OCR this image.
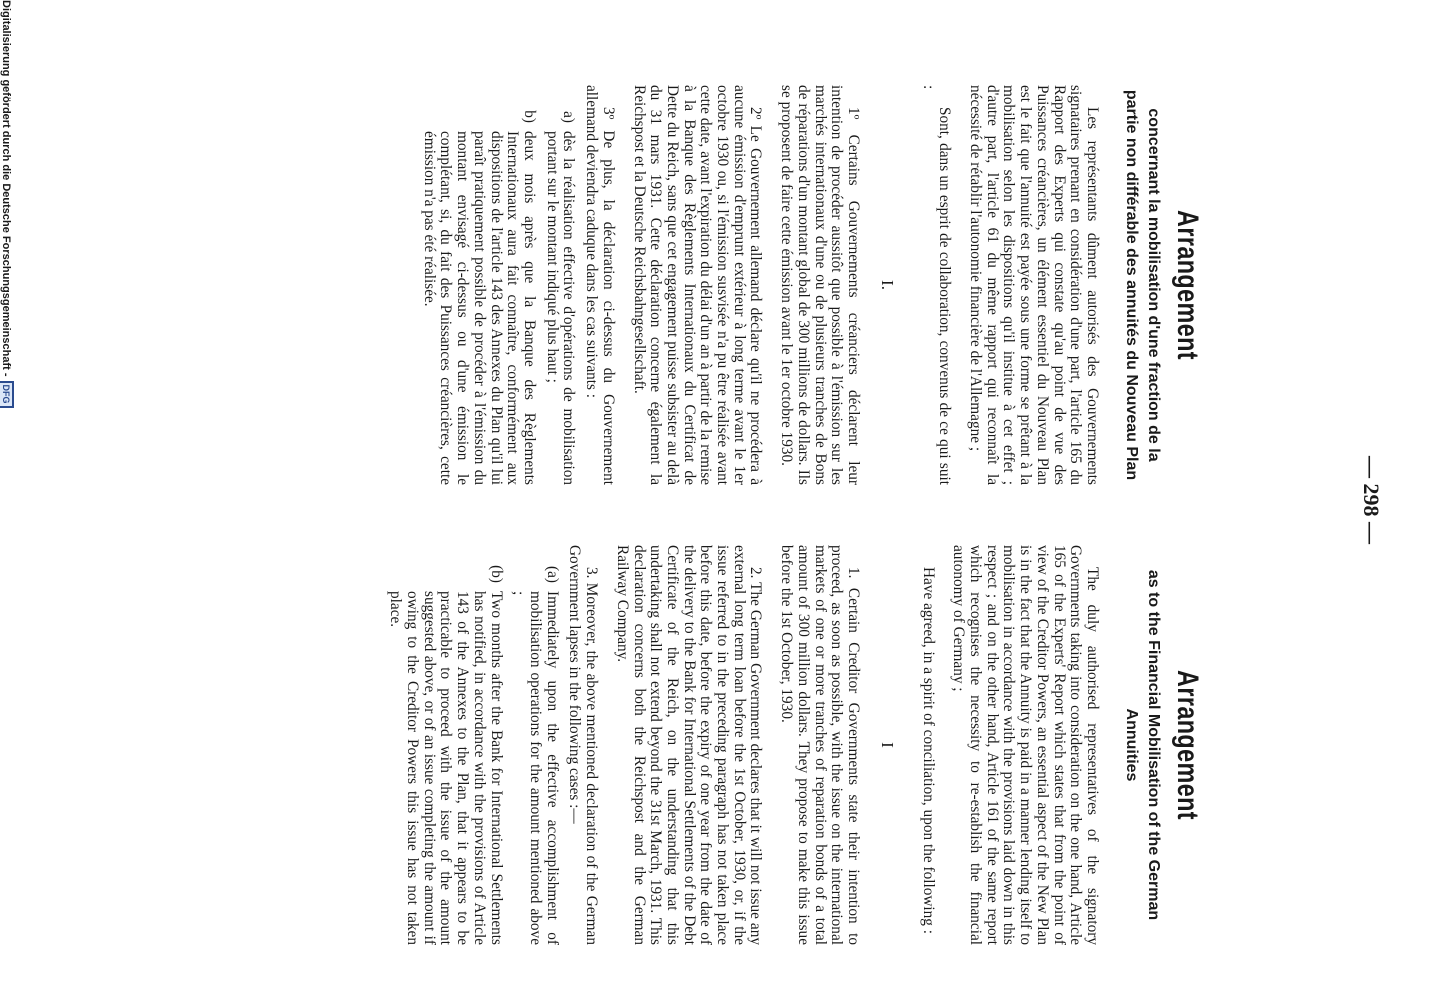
— 298 —
Arrangement
concernant la mobilisation d'une fraction de la partie non différable des annuités du Nouveau Plan

Les représentants dûment autorisés des Gouvernements signataires prenant en considération d'une part, l'article 165 du Rapport des Experts qui constate qu'au point de vue des Puissances créancières, un élément essentiel du Nouveau Plan est le fait que l'annuité est payée sous une forme se prêtant à la mobilisation selon les dispositions qu'il institue à cet effet ; d'autre part, l'article 61 du même rapport qui reconnaît la nécessité de rétablir l'autonomie financière de l'Allemagne ;

Sont, dans un esprit de collaboration, convenus de ce qui suit :

I.

1º Certains Gouvernements créanciers déclarent leur intention de procéder aussitôt que possible à l'émission sur les marchés internationaux d'une ou de plusieurs tranches de Bons de réparations d'un montant global de 300 millions de dollars. Ils se proposent de faire cette émission avant le 1er octobre 1930.

2º Le Gouvernement allemand déclare qu'il ne procédera à aucune émission d'emprunt extérieur à long terme avant le 1er octobre 1930 ou, si l'émission susvisée n'a pu être réalisée avant cette date, avant l'expiration du délai d'un an à partir de la remise à la Banque des Règlements Internationaux du Certificat de Dette du Reich, sans que cet engagement puisse subsister au delà du 31 mars 1931. Cette déclaration concerne également la Reichspost et la Deutsche Reichsbahngesellschaft.

3º De plus, la déclaration ci-dessus du Gouvernement allemand deviendra caduque dans les cas suivants :

a)
dès la réalisation effective d'opérations de mobilisation portant sur le montant indiqué plus haut ;
b)
deux mois après que la Banque des Règlements Internationaux aura fait connaître, conformément aux dispositions de l'article 143 des Annexes du Plan qu'il lui paraît pratiquement possible de procéder à l'émission du montant envisagé ci-dessus ou d'une émission le complétant, si, du fait des Puissances créancières, cette émission n'a pas été réalisée.
Arrangement
as to the Financial Mobilisation of the German Annuities

The duly authorised representatives of the signatory Governments taking into consideration on the one hand, Article 165 of the Experts' Report which states that from the point of view of the Creditor Powers, an essential aspect of the New Plan is in the fact that the Annuity is paid in a manner lending itself to mobilisation in accordance with the provisions laid down in this respect ; and on the other hand, Article 161 of the same report which recognises the necessity to re-establish the financial autonomy of Germany ;

Have agreed, in a spirit of conciliation, upon the following :

I

1. Certain Creditor Governments state their intention to proceed, as soon as possible, with the issue on the international markets of one or more tranches of reparation bonds of a total amount of 300 million dollars. They propose to make this issue before the 1st October, 1930.

2. The German Government declares that it will not issue any external long term loan before the 1st October, 1930, or, if the issue referred to in the preceding paragraph has not taken place before this date, before the expiry of one year from the date of the delivery to the Bank for International Settlements of the Debt Certificate of the Reich, on the understanding that this undertaking shall not extend beyond the 31st March, 1931. This declaration concerns both the Reichspost and the German Railway Company.

3. Moreover, the above mentioned declaration of the German Government lapses in the following cases :—

(a)
Immediately upon the effective accomplishment of mobilisation operations for the amount mentioned above ;
(b)
Two months after the Bank for International Settlements has notified, in accordance with the provisions of Article 143 of the Annexes to the Plan, that it appears to be practicable to proceed with the issue of the amount suggested above, or of an issue completing the amount if owing to the Creditor Powers this issue has not taken place.
Digitalisierung gefördert durch die Deutsche Forschungsgemeinschaft -
DFG
